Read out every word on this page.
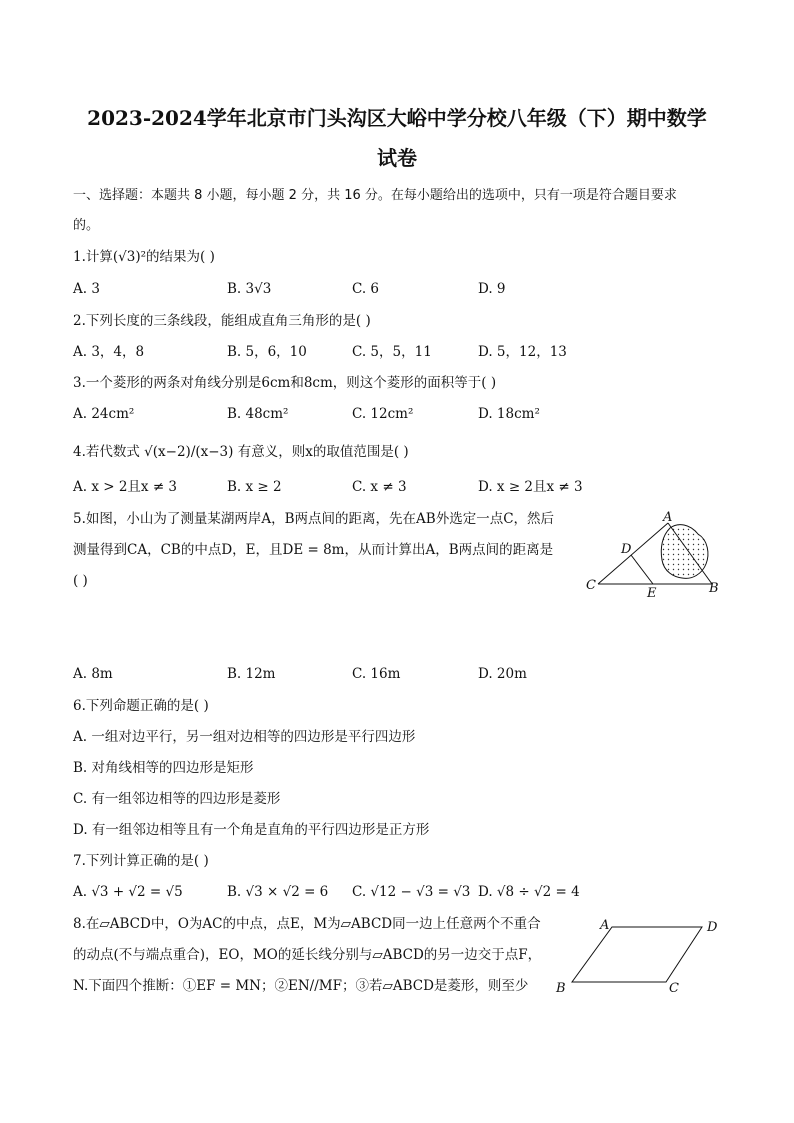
2023-2024学年北京市门头沟区大峪中学分校八年级（下）期中数学
试卷
一、选择题：本题共 8 小题，每小题 2 分，共 16 分。在每小题给出的选项中，只有一项是符合题目要求
的。
1.计算(√3)²的结果为( )
A. 3	B. 3√3	C. 6	D. 9
2.下列长度的三条线段，能组成直角三角形的是( )
A. 3，4，8	B. 5，6，10	C. 5，5，11	D. 5，12，13
3.一个菱形的两条对角线分别是6cm和8cm，则这个菱形的面积等于( )
A. 24cm²	B. 48cm²	C. 12cm²	D. 18cm²
4.若代数式 √(x−2)/(x−3) 有意义，则x的取值范围是( )
A. x > 2且x ≠ 3	B. x ≥ 2	C. x ≠ 3	D. x ≥ 2且x ≠ 3
5.如图，小山为了测量某湖两岸A，B两点间的距离，先在AB外选定一点C，然后
测量得到CA，CB的中点D，E，且DE = 8m，从而计算出A，B两点间的距离是
( )
A
D
C
E	B
A. 8m	B. 12m	C. 16m	D. 20m
6.下列命题正确的是( )
A. 一组对边平行，另一组对边相等的四边形是平行四边形
B. 对角线相等的四边形是矩形
C. 有一组邻边相等的四边形是菱形
D. 有一组邻边相等且有一个角是直角的平行四边形是正方形
7.下列计算正确的是( )
A. √3 + √2 = √5	B. √3 × √2 = 6 C. √12 − √3 = √3 D. √8 ÷ √2 = 4
8.在▱ABCD中，O为AC的中点，点E，M为▱ABCD同一边上任意两个不重合
的动点(不与端点重合)，EO，MO的延长线分别与▱ABCD的另一边交于点F，
N.下面四个推断：①EF = MN；②EN//MF；③若▱ABCD是菱形，则至少
A	D
B	C
